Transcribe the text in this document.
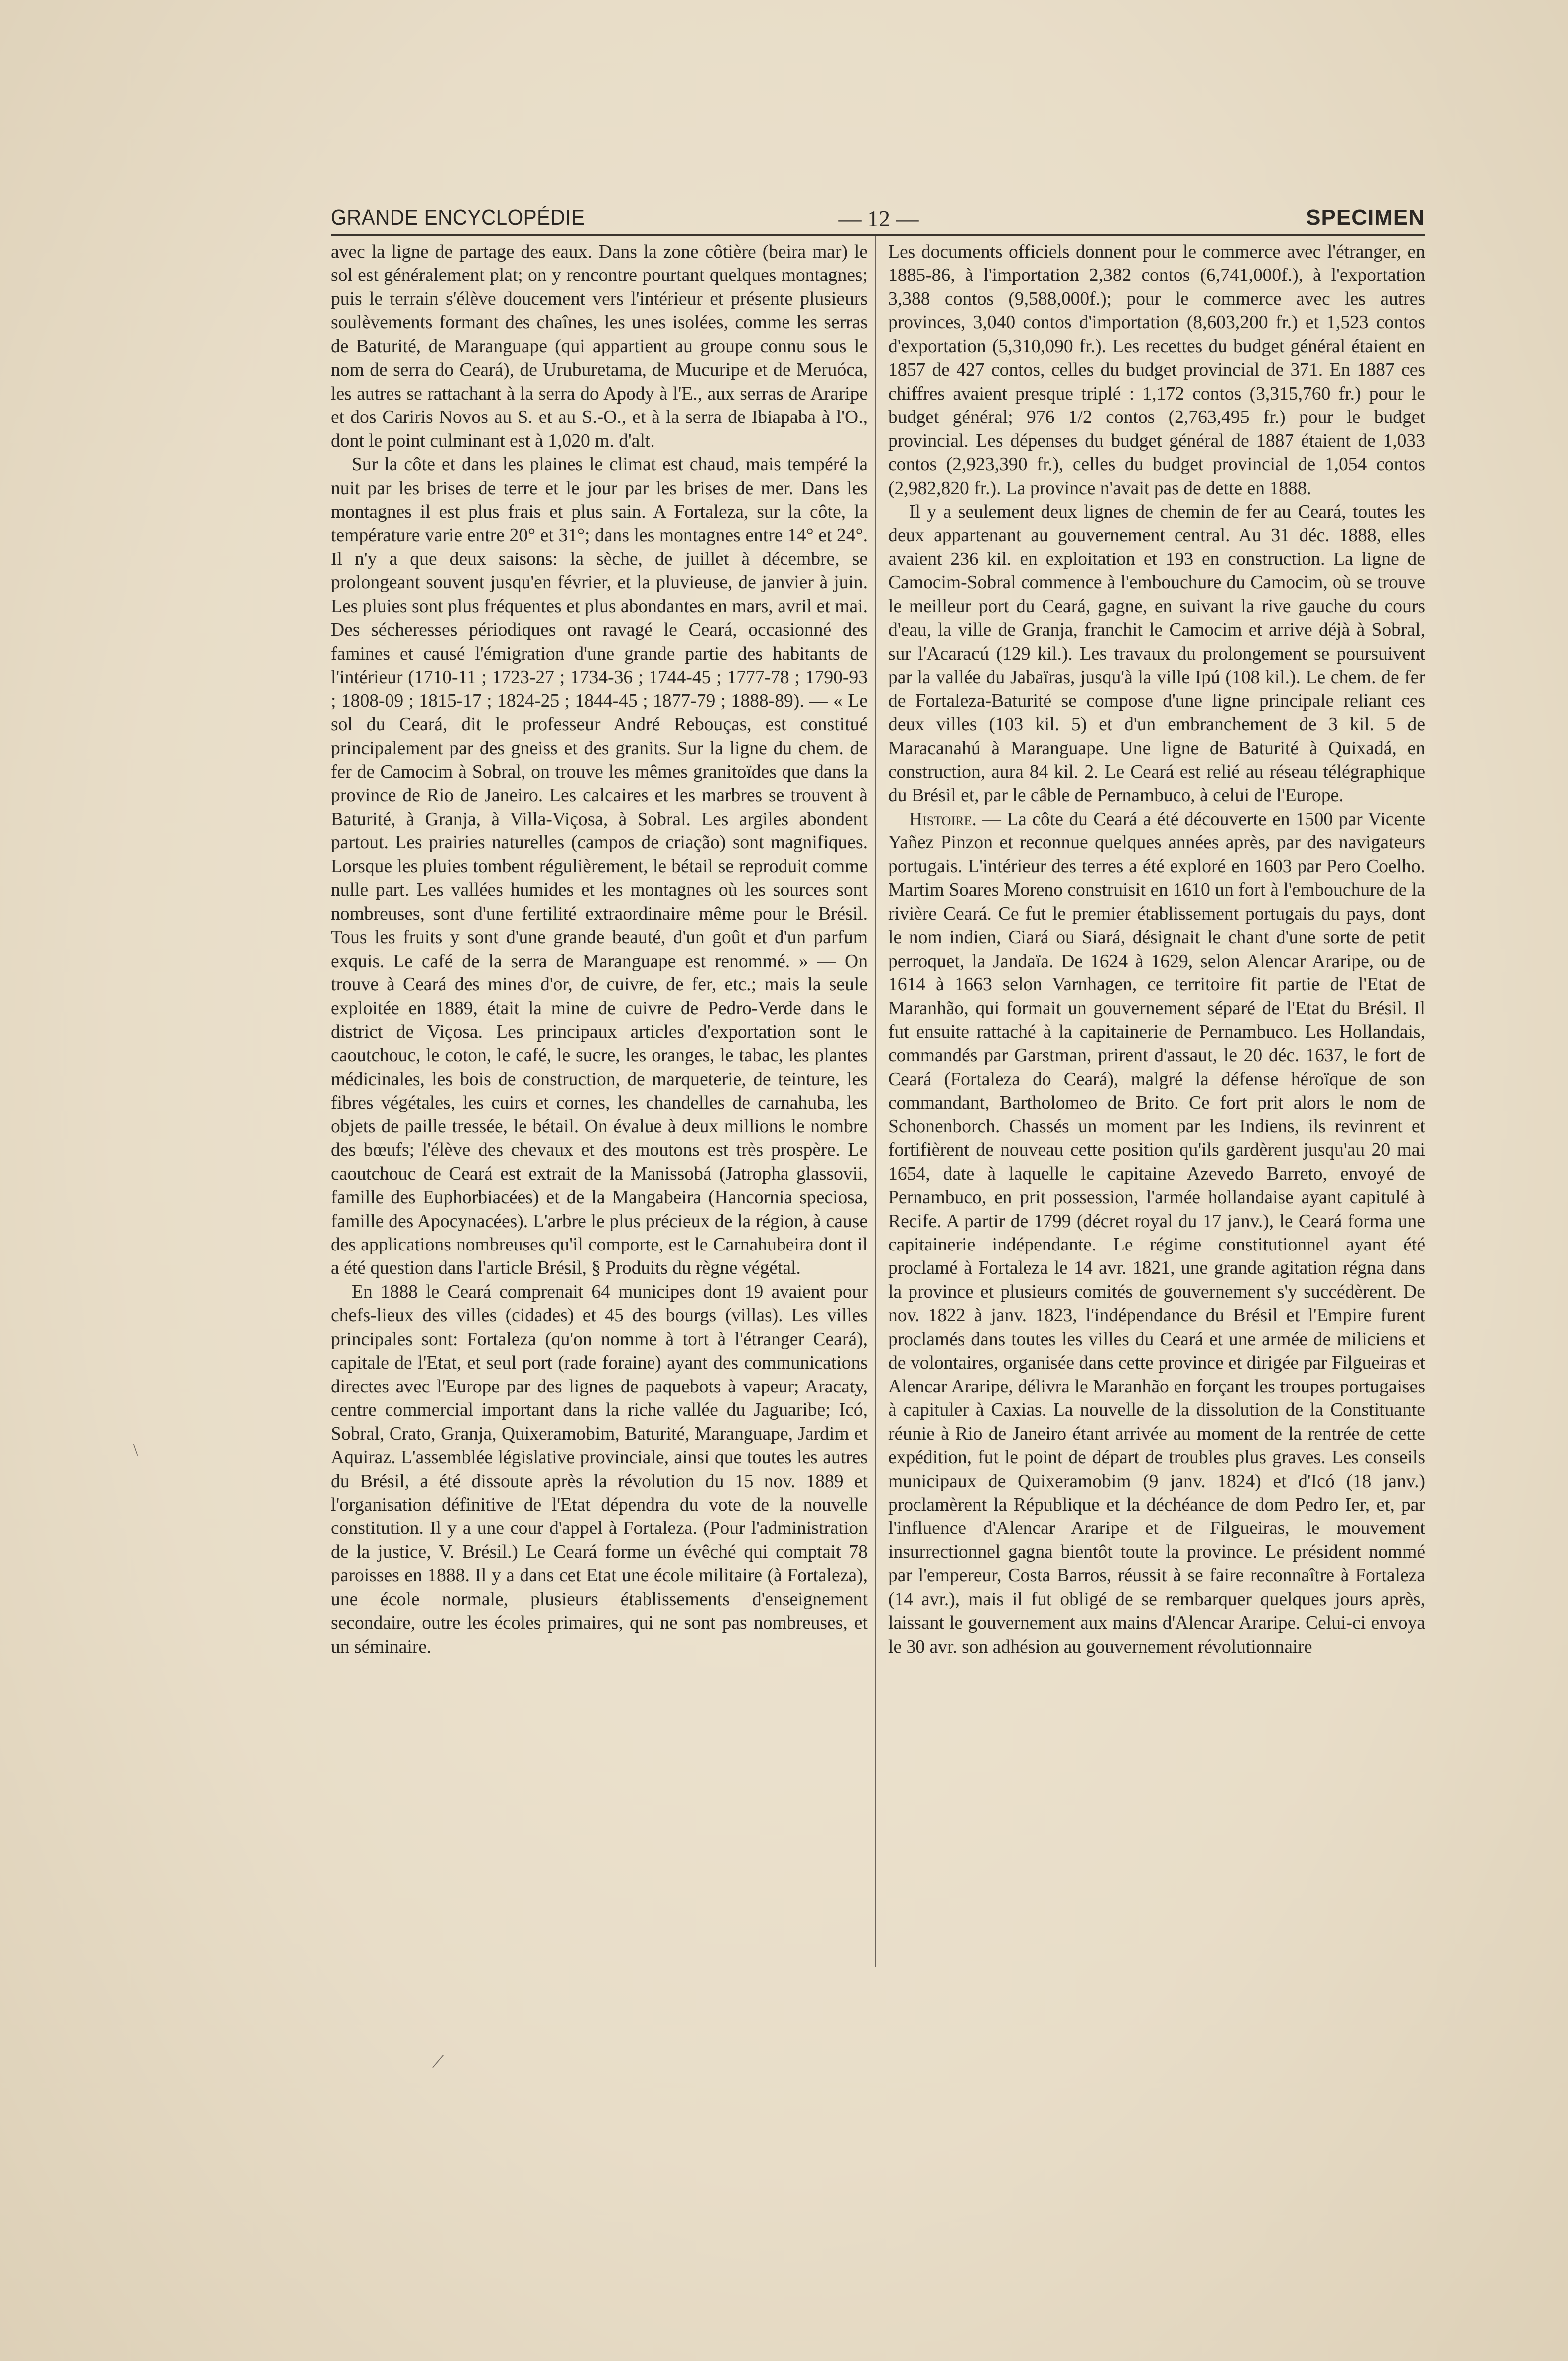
GRANDE ENCYCLOPÉDIE	— 12 —	SPECIMEN

avec la ligne de partage des eaux. Dans la zone côtière (beira mar) le sol est généralement plat; on y rencontre pourtant quelques montagnes; puis le terrain s'élève doucement vers l'intérieur et présente plusieurs soulèvements formant des chaînes, les unes isolées, comme les serras de Baturité, de Maranguape (qui appartient au groupe connu sous le nom de serra do Ceará), de Uruburetama, de Mucuripe et de Meruóca, les autres se rattachant à la serra do Apody à l'E., aux serras de Araripe et dos Cariris Novos au S. et au S.-O., et à la serra de Ibiapaba à l'O., dont le point culminant est à 1,020 m. d'alt.

Sur la côte et dans les plaines le climat est chaud, mais tempéré la nuit par les brises de terre et le jour par les brises de mer. Dans les montagnes il est plus frais et plus sain. A Fortaleza, sur la côte, la température varie entre 20° et 31°; dans les montagnes entre 14° et 24°. Il n'y a que deux saisons: la sèche, de juillet à décembre, se prolongeant souvent jusqu'en février, et la pluvieuse, de janvier à juin. Les pluies sont plus fréquentes et plus abondantes en mars, avril et mai. Des sécheresses périodiques ont ravagé le Ceará, occasionné des famines et causé l'émigration d'une grande partie des habitants de l'intérieur (1710-11 ; 1723-27 ; 1734-36 ; 1744-45 ; 1777-78 ; 1790-93 ; 1808-09 ; 1815-17 ; 1824-25 ; 1844-45 ; 1877-79 ; 1888-89). — « Le sol du Ceará, dit le professeur André Rebouças, est constitué principalement par des gneiss et des granits. Sur la ligne du chem. de fer de Camocim à Sobral, on trouve les mêmes granitoïdes que dans la province de Rio de Janeiro. Les calcaires et les marbres se trouvent à Baturité, à Granja, à Villa-Viçosa, à Sobral. Les argiles abondent partout. Les prairies naturelles (campos de criação) sont magnifiques. Lorsque les pluies tombent régulièrement, le bétail se reproduit comme nulle part. Les vallées humides et les montagnes où les sources sont nombreuses, sont d'une fertilité extraordinaire même pour le Brésil. Tous les fruits y sont d'une grande beauté, d'un goût et d'un parfum exquis. Le café de la serra de Maranguape est renommé. » — On trouve à Ceará des mines d'or, de cuivre, de fer, etc.; mais la seule exploitée en 1889, était la mine de cuivre de Pedro-Verde dans le district de Viçosa. Les principaux articles d'exportation sont le caoutchouc, le coton, le café, le sucre, les oranges, le tabac, les plantes médicinales, les bois de construction, de marqueterie, de teinture, les fibres végétales, les cuirs et cornes, les chandelles de carnahuba, les objets de paille tressée, le bétail. On évalue à deux millions le nombre des bœufs; l'élève des chevaux et des moutons est très prospère. Le caoutchouc de Ceará est extrait de la Manissobá (Jatropha glassovii, famille des Euphorbiacées) et de la Mangabeira (Hancornia speciosa, famille des Apocynacées). L'arbre le plus précieux de la région, à cause des applications nombreuses qu'il comporte, est le Carnahubeira dont il a été question dans l'article Brésil, § Produits du règne végétal.

En 1888 le Ceará comprenait 64 municipes dont 19 avaient pour chefs-lieux des villes (cidades) et 45 des bourgs (villas). Les villes principales sont: Fortaleza (qu'on nomme à tort à l'étranger Ceará), capitale de l'Etat, et seul port (rade foraine) ayant des communications directes avec l'Europe par des lignes de paquebots à vapeur; Aracaty, centre commercial important dans la riche vallée du Jaguaribe; Icó, Sobral, Crato, Granja, Quixeramobim, Baturité, Maranguape, Jardim et Aquiraz. L'assemblée législative provinciale, ainsi que toutes les autres du Brésil, a été dissoute après la révolution du 15 nov. 1889 et l'organisation définitive de l'Etat dépendra du vote de la nouvelle constitution. Il y a une cour d'appel à Fortaleza. (Pour l'administration de la justice, V. Brésil.) Le Ceará forme un évêché qui comptait 78 paroisses en 1888. Il y a dans cet Etat une école militaire (à Fortaleza), une école normale, plusieurs établissements d'enseignement secondaire, outre les écoles primaires, qui ne sont pas nombreuses, et un séminaire.

Les documents officiels donnent pour le commerce avec l'étranger, en 1885-86, à l'importation 2,382 contos (6,741,000f.), à l'exportation 3,388 contos (9,588,000f.); pour le commerce avec les autres provinces, 3,040 contos d'importation (8,603,200 fr.) et 1,523 contos d'exportation (5,310,090 fr.). Les recettes du budget général étaient en 1857 de 427 contos, celles du budget provincial de 371. En 1887 ces chiffres avaient presque triplé : 1,172 contos (3,315,760 fr.) pour le budget général; 976 1/2 contos (2,763,495 fr.) pour le budget provincial. Les dépenses du budget général de 1887 étaient de 1,033 contos (2,923,390 fr.), celles du budget provincial de 1,054 contos (2,982,820 fr.). La province n'avait pas de dette en 1888.

Il y a seulement deux lignes de chemin de fer au Ceará, toutes les deux appartenant au gouvernement central. Au 31 déc. 1888, elles avaient 236 kil. en exploitation et 193 en construction. La ligne de Camocim-Sobral commence à l'embouchure du Camocim, où se trouve le meilleur port du Ceará, gagne, en suivant la rive gauche du cours d'eau, la ville de Granja, franchit le Camocim et arrive déjà à Sobral, sur l'Acaracú (129 kil.). Les travaux du prolongement se poursuivent par la vallée du Jabaïras, jusqu'à la ville Ipú (108 kil.). Le chem. de fer de Fortaleza-Baturité se compose d'une ligne principale reliant ces deux villes (103 kil. 5) et d'un embranchement de 3 kil. 5 de Maracanahú à Maranguape. Une ligne de Baturité à Quixadá, en construction, aura 84 kil. 2. Le Ceará est relié au réseau télégraphique du Brésil et, par le câble de Pernambuco, à celui de l'Europe.

Histoire. — La côte du Ceará a été découverte en 1500 par Vicente Yañez Pinzon et reconnue quelques années après, par des navigateurs portugais. L'intérieur des terres a été exploré en 1603 par Pero Coelho. Martim Soares Moreno construisit en 1610 un fort à l'embouchure de la rivière Ceará. Ce fut le premier établissement portugais du pays, dont le nom indien, Ciará ou Siará, désignait le chant d'une sorte de petit perroquet, la Jandaïa. De 1624 à 1629, selon Alencar Araripe, ou de 1614 à 1663 selon Varnhagen, ce territoire fit partie de l'Etat de Maranhão, qui formait un gouvernement séparé de l'Etat du Brésil. Il fut ensuite rattaché à la capitainerie de Pernambuco. Les Hollandais, commandés par Garstman, prirent d'assaut, le 20 déc. 1637, le fort de Ceará (Fortaleza do Ceará), malgré la défense héroïque de son commandant, Bartholomeo de Brito. Ce fort prit alors le nom de Schonenborch. Chassés un moment par les Indiens, ils revinrent et fortifièrent de nouveau cette position qu'ils gardèrent jusqu'au 20 mai 1654, date à laquelle le capitaine Azevedo Barreto, envoyé de Pernambuco, en prit possession, l'armée hollandaise ayant capitulé à Recife. A partir de 1799 (décret royal du 17 janv.), le Ceará forma une capitainerie indépendante. Le régime constitutionnel ayant été proclamé à Fortaleza le 14 avr. 1821, une grande agitation régna dans la province et plusieurs comités de gouvernement s'y succédèrent. De nov. 1822 à janv. 1823, l'indépendance du Brésil et l'Empire furent proclamés dans toutes les villes du Ceará et une armée de miliciens et de volontaires, organisée dans cette province et dirigée par Filgueiras et Alencar Araripe, délivra le Maranhão en forçant les troupes portugaises à capituler à Caxias. La nouvelle de la dissolution de la Constituante réunie à Rio de Janeiro étant arrivée au moment de la rentrée de cette expédition, fut le point de départ de troubles plus graves. Les conseils municipaux de Quixeramobim (9 janv. 1824) et d'Icó (18 janv.) proclamèrent la République et la déchéance de dom Pedro Ier, et, par l'influence d'Alencar Araripe et de Filgueiras, le mouvement insurrectionnel gagna bientôt toute la province. Le président nommé par l'empereur, Costa Barros, réussit à se faire reconnaître à Fortaleza (14 avr.), mais il fut obligé de se rembarquer quelques jours après, laissant le gouvernement aux mains d'Alencar Araripe. Celui-ci envoya le 30 avr. son adhésion au gouvernement révolutionnaire

\
⟋
